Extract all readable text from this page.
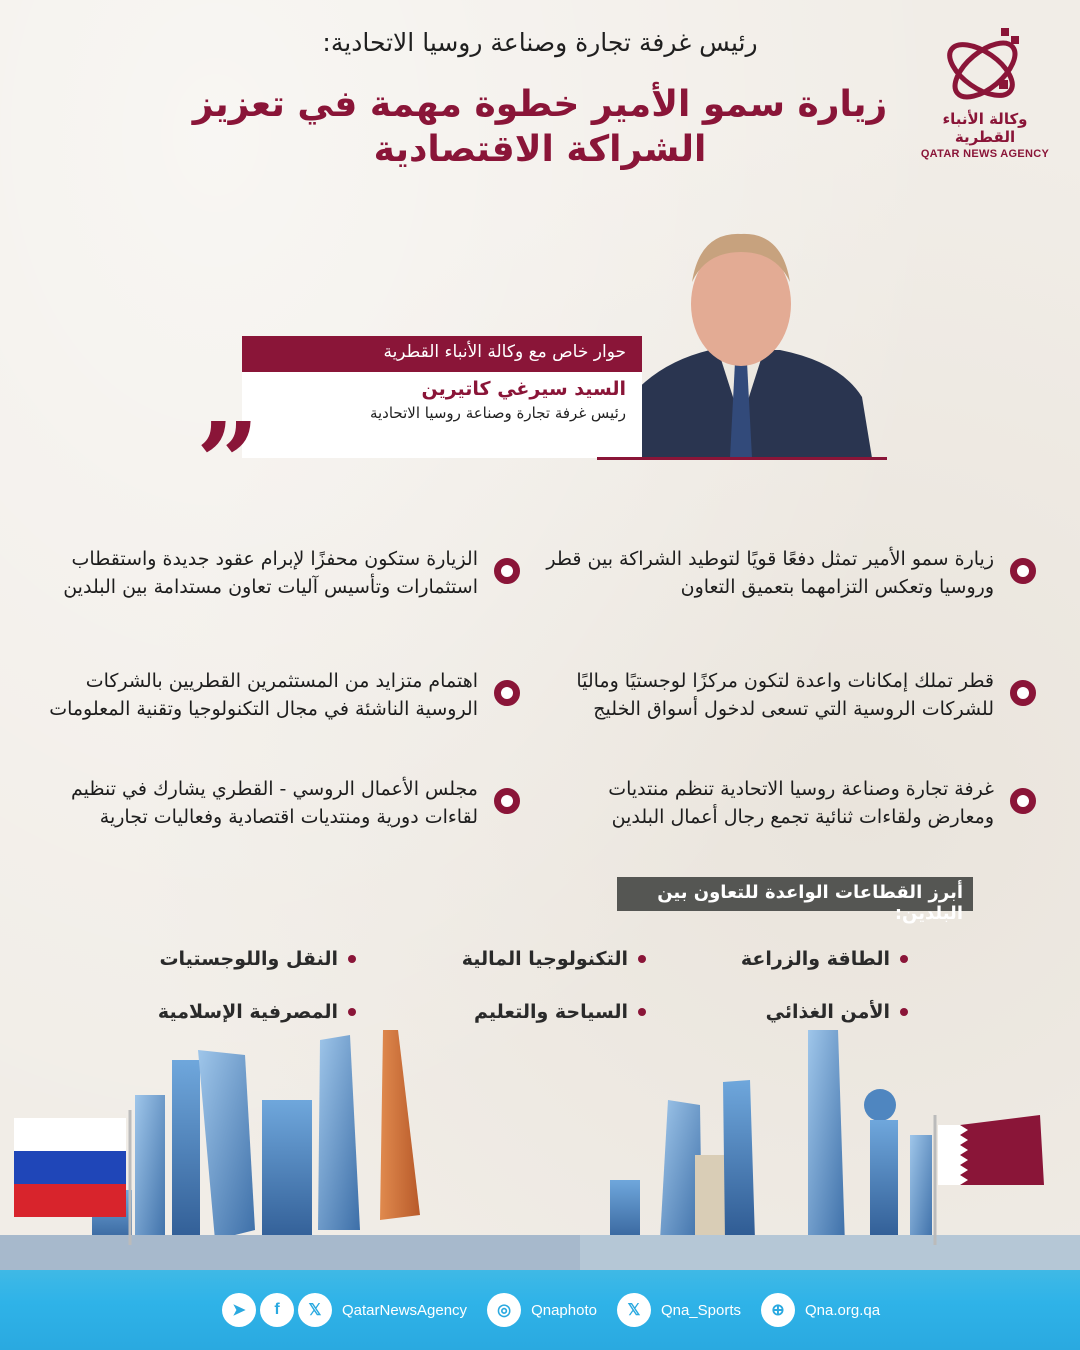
وكالة الأنباء القطرية
QATAR NEWS AGENCY
رئيس غرفة تجارة وصناعة روسيا الاتحادية:
زيارة سمو الأمير خطوة مهمة في تعزيز الشراكة الاقتصادية
حوار خاص مع وكالة الأنباء القطرية
السيد سيرغي كاتيرين
رئيس غرفة تجارة وصناعة روسيا الاتحادية
”
زيارة سمو الأمير تمثل دفعًا قويًا لتوطيد الشراكة بين قطر وروسيا وتعكس التزامهما بتعميق التعاون
قطر تملك إمكانات واعدة لتكون مركزًا لوجستيًا وماليًا للشركات الروسية التي تسعى لدخول أسواق الخليج
غرفة تجارة وصناعة روسيا الاتحادية تنظم منتديات ومعارض ولقاءات ثنائية تجمع رجال أعمال البلدين
الزيارة ستكون محفزًا لإبرام عقود جديدة واستقطاب استثمارات وتأسيس آليات تعاون مستدامة بين البلدين
اهتمام متزايد من المستثمرين القطريين بالشركات الروسية الناشئة في مجال التكنولوجيا وتقنية المعلومات
مجلس الأعمال الروسي - القطري يشارك في تنظيم لقاءات دورية ومنتديات اقتصادية وفعاليات تجارية
أبرز القطاعات الواعدة للتعاون بين البلدين:
الطاقة والزراعة
التكنولوجيا المالية
النقل واللوجستيات
الأمن الغذائي
السياحة والتعليم
المصرفية الإسلامية
➤	f	𝕏	QatarNewsAgency	◎	Qnaphoto	𝕏	Qna_Sports	⊕	Qna.org.qa
